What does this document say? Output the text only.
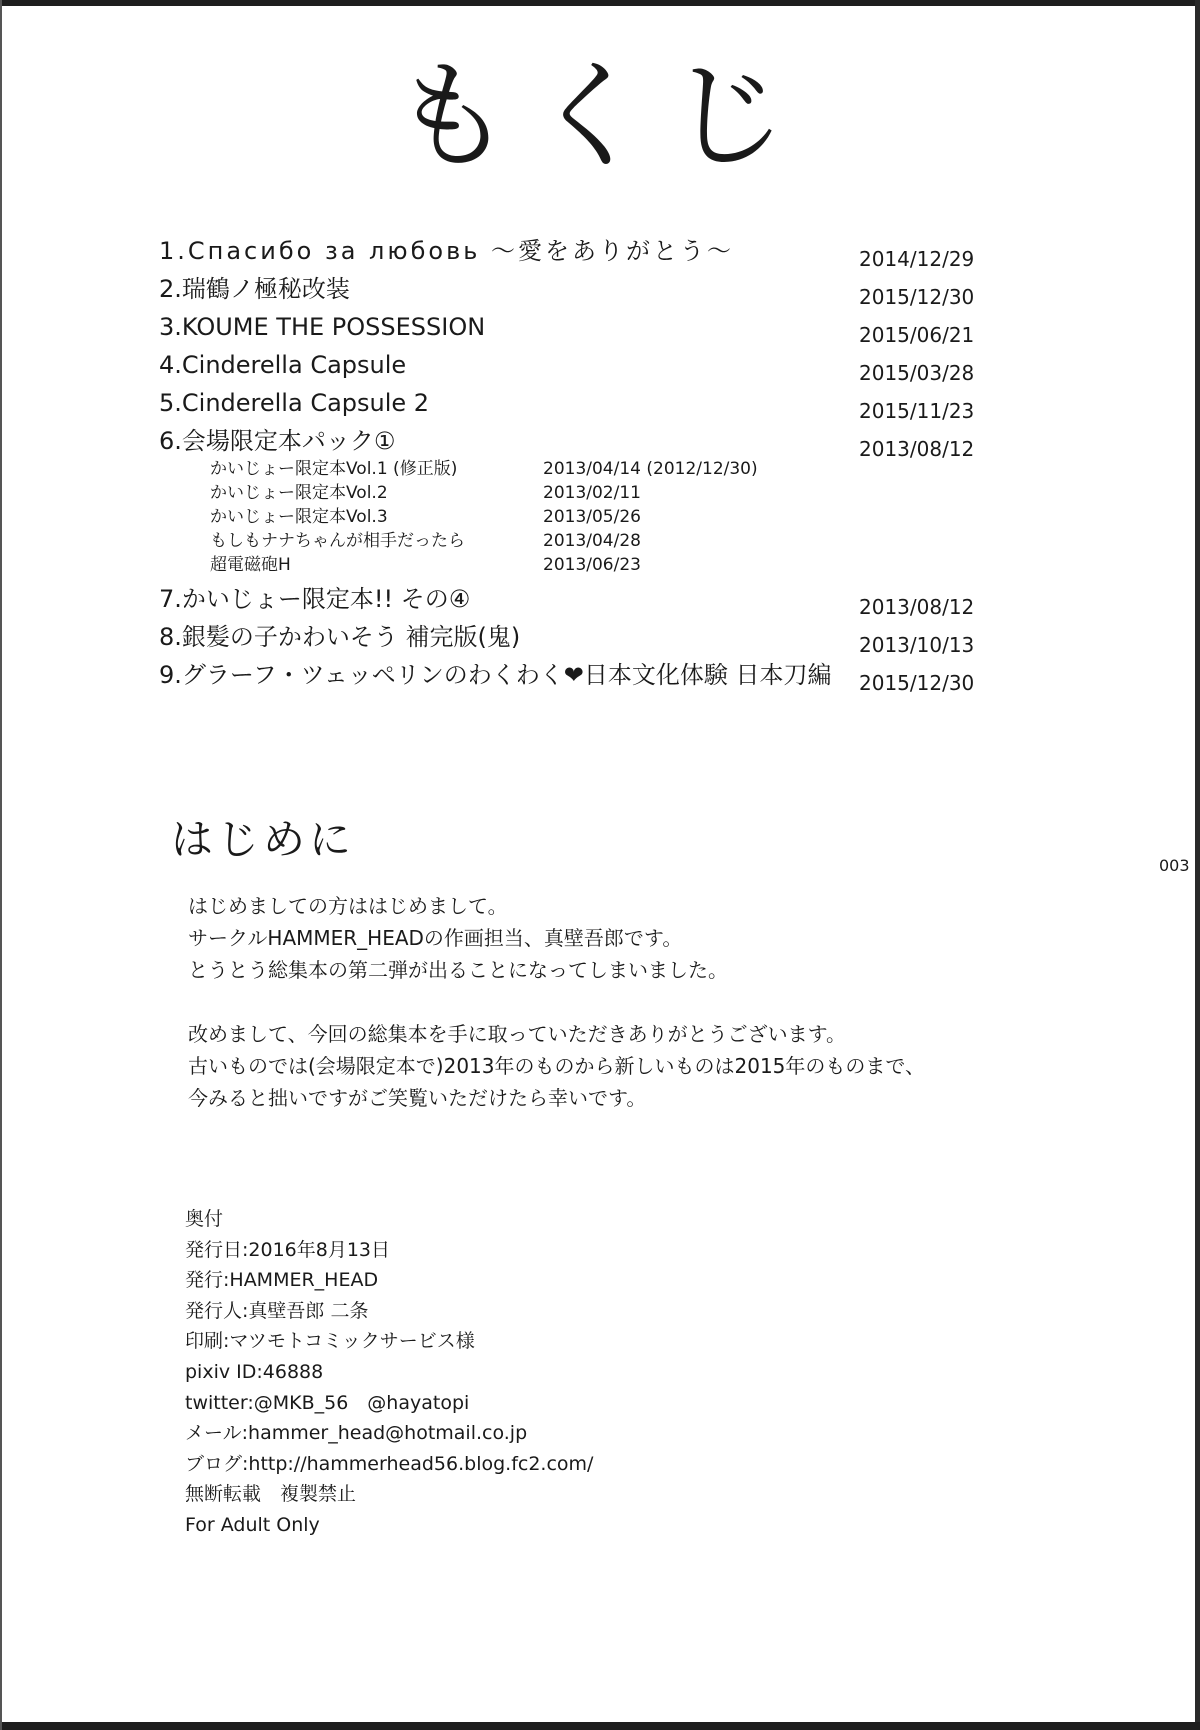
もくじ
1.Спасибо за любовь ～愛をありがとう～	2014/12/29
2.瑞鶴ノ極秘改装	2015/12/30
3.KOUME THE POSSESSION	2015/06/21
4.Cinderella Capsule	2015/03/28
5.Cinderella Capsule 2	2015/11/23
6.会場限定本パック①	2013/08/12
かいじょー限定本Vol.1 (修正版)	2013/04/14 (2012/12/30)
かいじょー限定本Vol.2	2013/02/11
かいじょー限定本Vol.3	2013/05/26
もしもナナちゃんが相手だったら	2013/04/28
超電磁砲H	2013/06/23
7.かいじょー限定本!! その④	2013/08/12
8.銀髪の子かわいそう 補完版(鬼)	2013/10/13
9.グラーフ・ツェッペリンのわくわく❤日本文化体験 日本刀編 2015/12/30
はじめに
003

はじめましての方ははじめまして。

サークルHAMMER_HEADの作画担当、真壁吾郎です。

とうとう総集本の第二弾が出ることになってしまいました。

改めまして、今回の総集本を手に取っていただきありがとうございます。

古いものでは(会場限定本で)2013年のものから新しいものは2015年のものまで、

今みると拙いですがご笑覧いただけたら幸いです。

奥付

発行日:2016年8月13日

発行:HAMMER_HEAD

発行人:真壁吾郎 二条

印刷:マツモトコミックサービス様

pixiv ID:46888

twitter:@MKB_56　@hayatopi

メール:hammer_head@hotmail.co.jp

ブログ:http://hammerhead56.blog.fc2.com/

無断転載　複製禁止

For Adult Only
